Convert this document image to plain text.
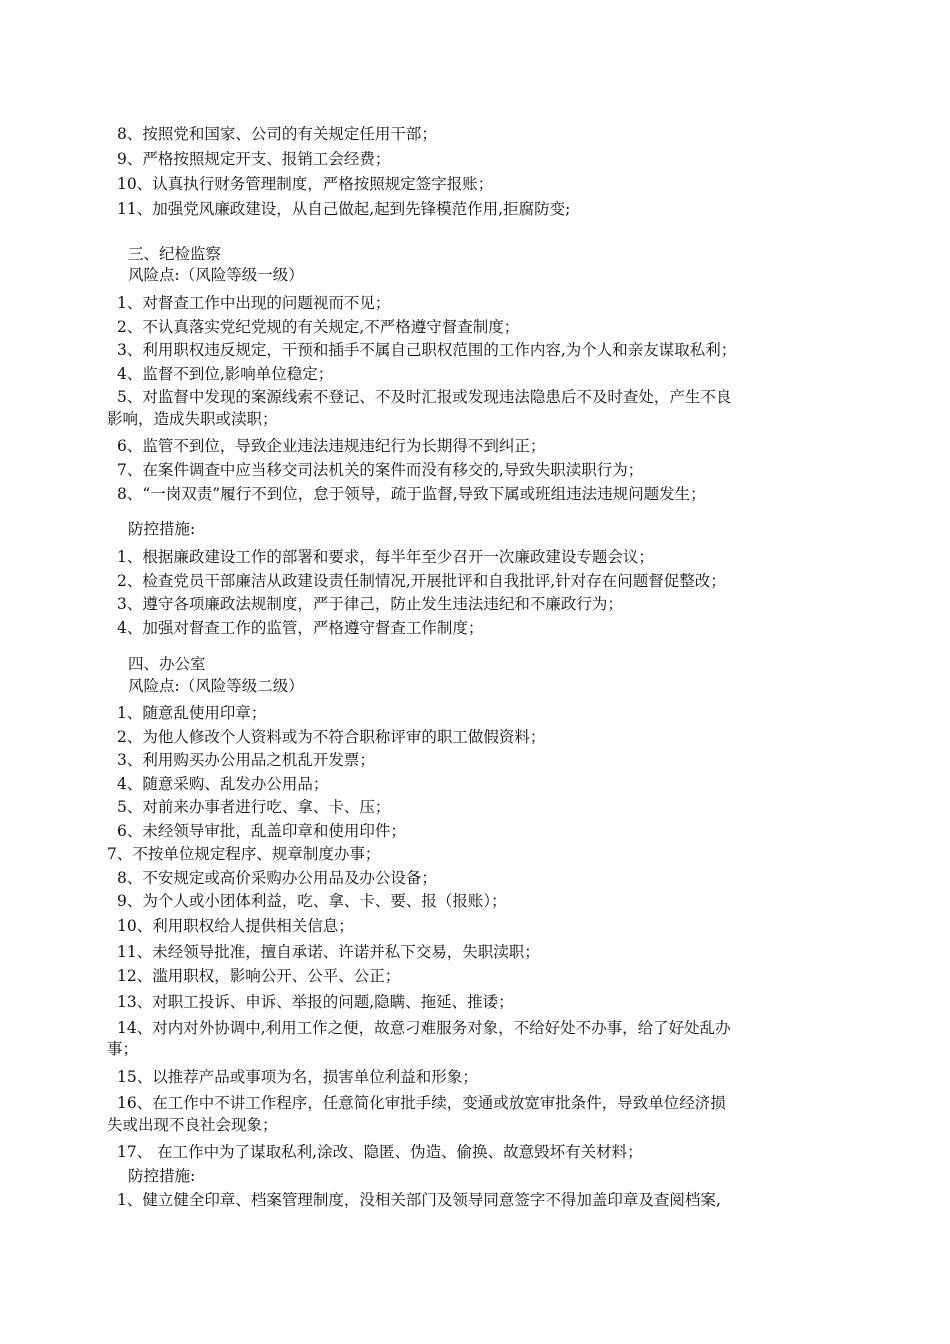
8、按照党和国家、公司的有关规定任用干部；
9、严格按照规定开支、报销工会经费；
10、认真执行财务管理制度，严格按照规定签字报账；
11、加强党风廉政建设，从自己做起,起到先锋模范作用,拒腐防变;
三、纪检监察
风险点:（风险等级一级）
1、对督查工作中出现的问题视而不见；
2、不认真落实党纪党规的有关规定,不严格遵守督查制度；
3、利用职权违反规定，干预和插手不属自己职权范围的工作内容,为个人和亲友谋取私利；
4、监督不到位,影响单位稳定；
5、对监督中发现的案源线索不登记、不及时汇报或发现违法隐患后不及时查处，产生不良
影响，造成失职或渎职；
6、监管不到位，导致企业违法违规违纪行为长期得不到纠正；
7、在案件调查中应当移交司法机关的案件而没有移交的,导致失职渎职行为；
8、“一岗双责”履行不到位，怠于领导，疏于监督,导致下属或班组违法违规问题发生；
防控措施:
1、根据廉政建设工作的部署和要求，每半年至少召开一次廉政建设专题会议；
2、检查党员干部廉洁从政建设责任制情况,开展批评和自我批评,针对存在问题督促整改；
3、遵守各项廉政法规制度，严于律己，防止发生违法违纪和不廉政行为；
4、加强对督查工作的监管，严格遵守督查工作制度；
四、办公室
风险点:（风险等级二级）
1、随意乱使用印章；
2、为他人修改个人资料或为不符合职称评审的职工做假资料；
3、利用购买办公用品之机乱开发票；
4、随意采购、乱发办公用品；
5、对前来办事者进行吃、拿、卡、压；
6、未经领导审批，乱盖印章和使用印件；
7、不按单位规定程序、规章制度办事；
8、不安规定或高价采购办公用品及办公设备；
9、为个人或小团体利益，吃、拿、卡、要、报（报账）；
10、利用职权给人提供相关信息；
11、未经领导批准，擅自承诺、许诺并私下交易，失职渎职；
12、滥用职权，影响公开、公平、公正；
13、对职工投诉、申诉、举报的问题,隐瞒、拖延、推诿；
14、对内对外协调中,利用工作之便，故意刁难服务对象，不给好处不办事，给了好处乱办
事；
15、以推荐产品或事项为名，损害单位利益和形象；
16、在工作中不讲工作程序，任意简化审批手续，变通或放宽审批条件，导致单位经济损
失或出现不良社会现象；
17、 在工作中为了谋取私利,涂改、隐匿、伪造、偷换、故意毁坏有关材料；
防控措施:
1、健立健全印章、档案管理制度，没相关部门及领导同意签字不得加盖印章及查阅档案,
